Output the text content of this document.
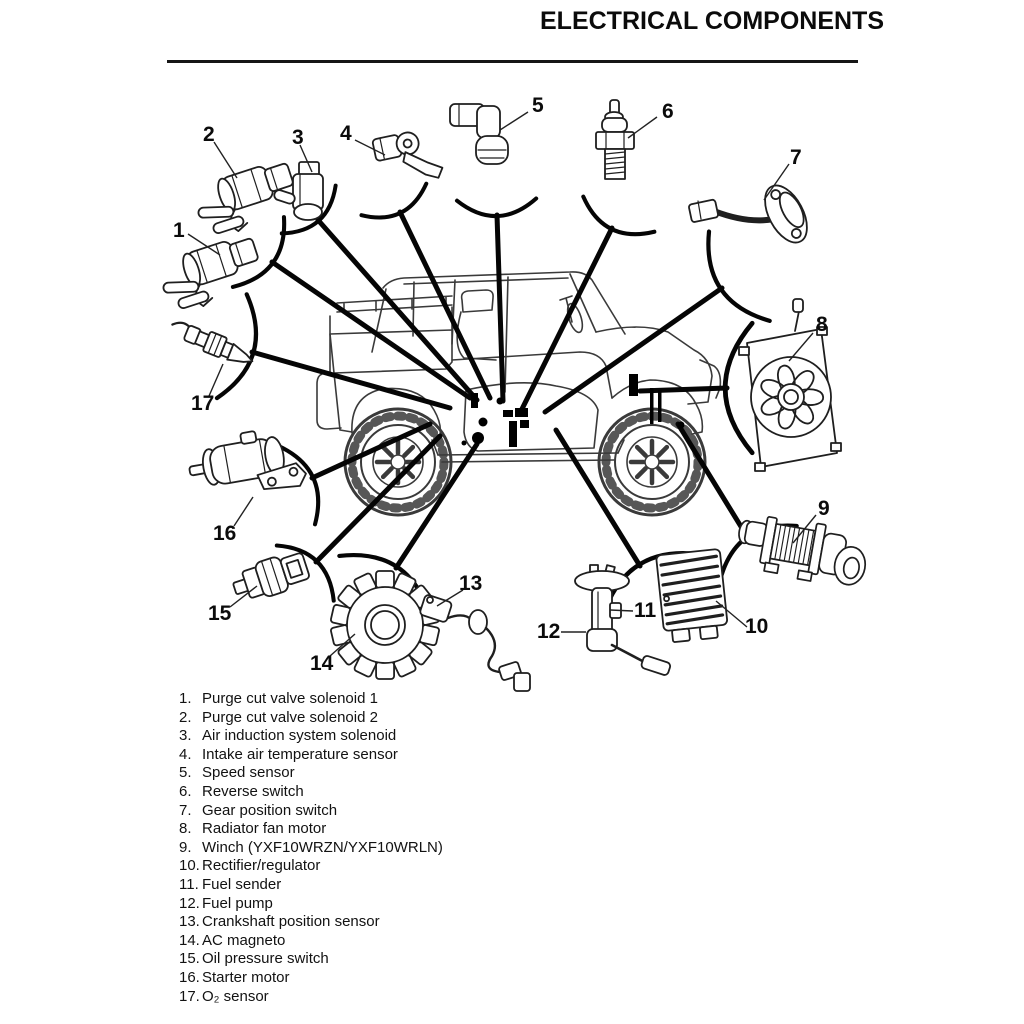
ELECTRICAL COMPONENTS
1
2	3 4
5	6
7
8
9
10
11
12
13
14
15
16
17
1. Purge cut valve solenoid 1
2. Purge cut valve solenoid 2
3. Air induction system solenoid
4. Intake air temperature sensor
5. Speed sensor
6. Reverse switch
7. Gear position switch
8. Radiator fan motor
9. Winch (YXF10WRZN/YXF10WRLN)
10. Rectifier/regulator
11. Fuel sender
12. Fuel pump
13. Crankshaft position sensor
14. AC magneto
15. Oil pressure switch
16. Starter motor
17. O₂ sensor
